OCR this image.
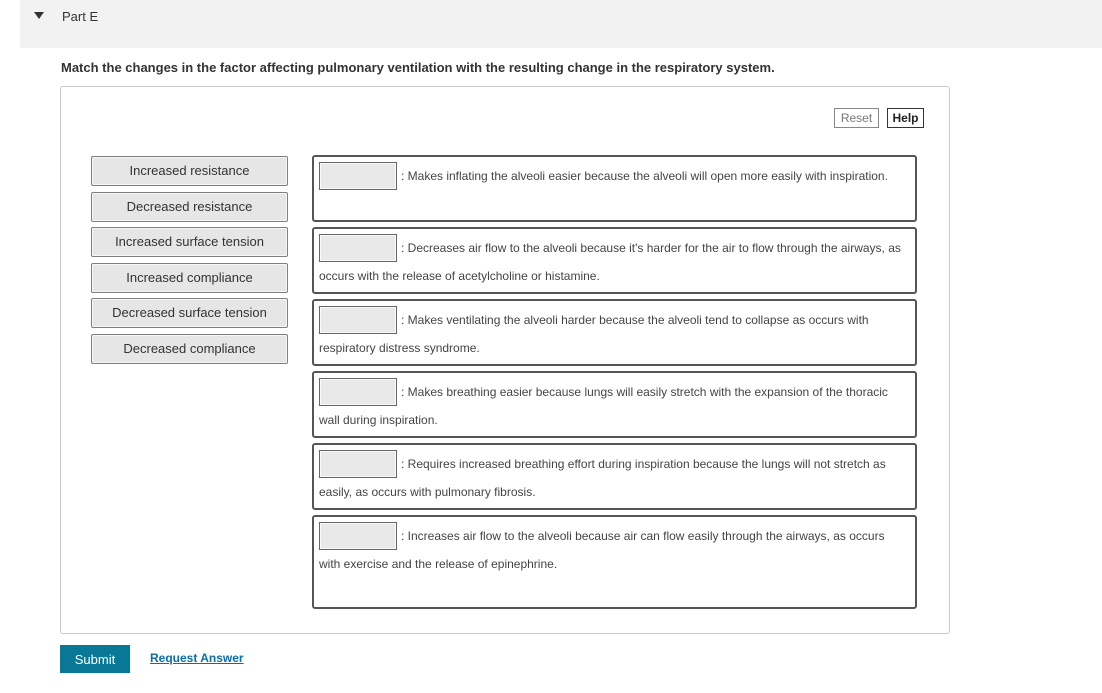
Part E
Match the changes in the factor affecting pulmonary ventilation with the resulting change in the respiratory system.
Reset	Help
Increased resistance
Decreased resistance
Increased surface tension
Increased compliance
Decreased surface tension
Decreased compliance
: Makes inflating the alveoli easier because the alveoli will open more easily with inspiration.
: Decreases air flow to the alveoli because it's harder for the air to flow through the airways, as occurs with the release of acetylcholine or histamine.
: Makes ventilating the alveoli harder because the alveoli tend to collapse as occurs with respiratory distress syndrome.
: Makes breathing easier because lungs will easily stretch with the expansion of the thoracic wall during inspiration.
: Requires increased breathing effort during inspiration because the lungs will not stretch as easily, as occurs with pulmonary fibrosis.
: Increases air flow to the alveoli because air can flow easily through the airways, as occurs with exercise and the release of epinephrine.
Submit	Request Answer
